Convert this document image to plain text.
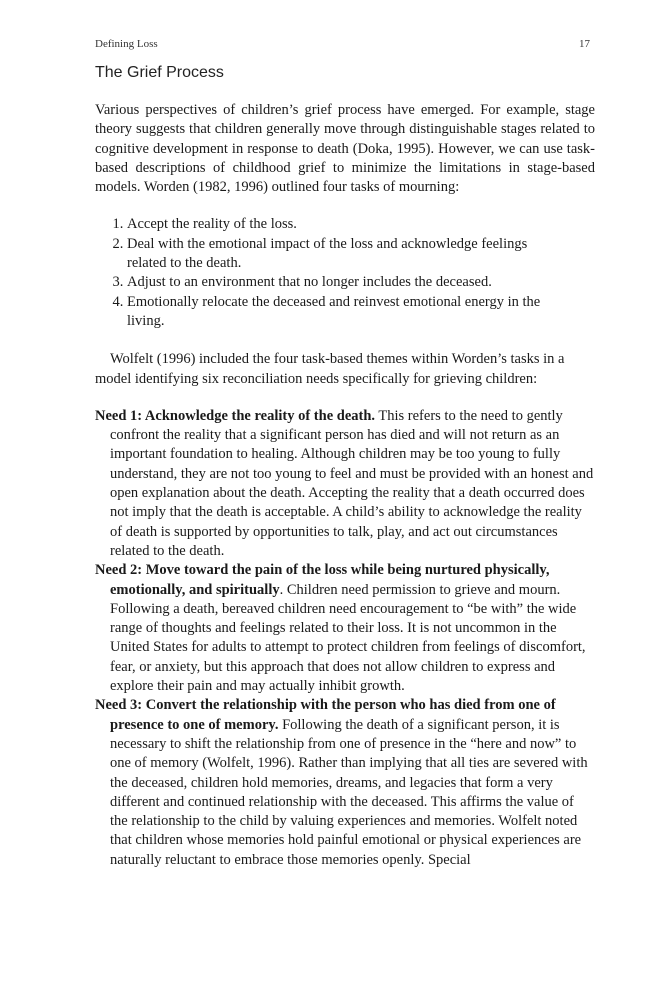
Defining Loss	17
The Grief Process

Various perspectives of children’s grief process have emerged. For example, stage theory suggests that children generally move through distinguishable stages related to cognitive development in response to death (Doka, 1995). However, we can use task-based descriptions of childhood grief to minimize the limitations in stage-based models. Worden (1982, 1996) outlined four tasks of mourning:

1. Accept the reality of the loss.
2. Deal with the emotional impact of the loss and acknowledge feelings related to the death.
3. Adjust to an environment that no longer includes the deceased.
4. Emotionally relocate the deceased and reinvest emotional energy in the living.

Wolfelt (1996) included the four task-based themes within Worden’s tasks in a model identifying six reconciliation needs specifically for grieving children:

Need 1: Acknowledge the reality of the death. This refers to the need to gently confront the reality that a significant person has died and will not return as an important foundation to healing. Although children may be too young to fully understand, they are not too young to feel and must be provided with an honest and open explanation about the death. Accepting the reality that a death occurred does not imply that the death is acceptable. A child’s ability to acknowledge the reality of death is supported by opportunities to talk, play, and act out circumstances related to the death.

Need 2: Move toward the pain of the loss while being nurtured physically, emotionally, and spiritually. Children need permission to grieve and mourn. Following a death, bereaved children need encouragement to “be with” the wide range of thoughts and feelings related to their loss. It is not uncommon in the United States for adults to attempt to protect children from feelings of discomfort, fear, or anxiety, but this approach that does not allow children to express and explore their pain and may actually inhibit growth.

Need 3: Convert the relationship with the person who has died from one of presence to one of memory. Following the death of a significant person, it is necessary to shift the relationship from one of presence in the “here and now” to one of memory (Wolfelt, 1996). Rather than implying that all ties are severed with the deceased, children hold memories, dreams, and legacies that form a very different and continued relationship with the deceased. This affirms the value of the relationship to the child by valuing experiences and memories. Wolfelt noted that children whose memories hold painful emotional or physical experiences are naturally reluctant to embrace those memories openly. Special
